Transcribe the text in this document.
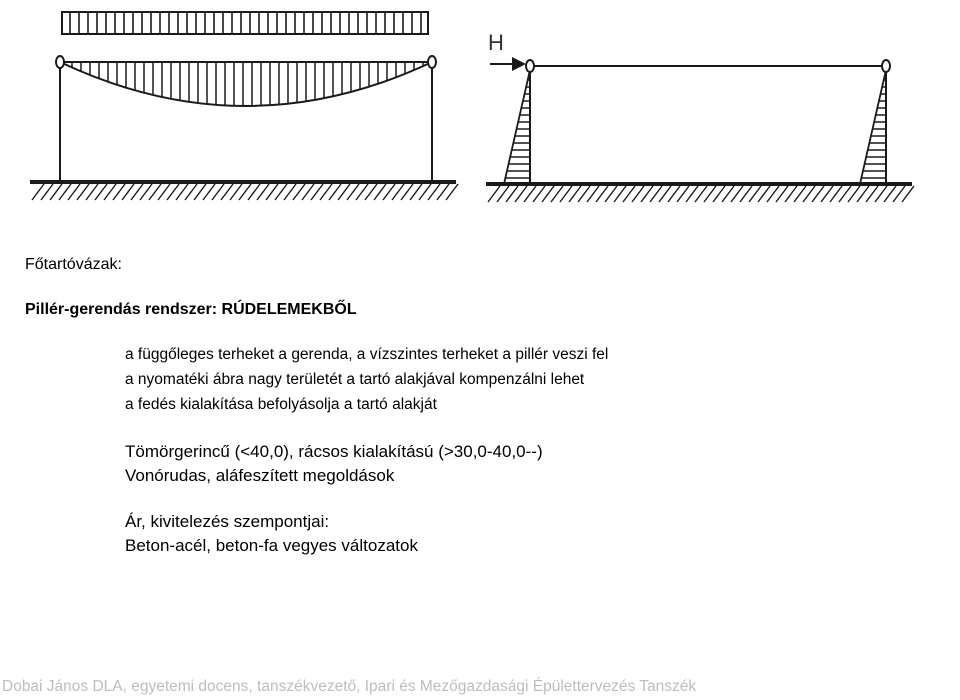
H
Főtartóvázak:
Pillér-gerendás rendszer: RÚDELEMEKBŐL
a függőleges terheket a gerenda, a vízszintes terheket a pillér veszi fel
a nyomatéki ábra nagy területét a tartó alakjával kompenzálni lehet
a fedés kialakítása befolyásolja a tartó alakját
Tömörgerincű (<40,0), rácsos kialakítású (>30,0-40,0--)
Vonórudas, aláfeszített megoldások
Ár, kivitelezés szempontjai:
Beton-acél, beton-fa vegyes változatok
Dobai János DLA, egyetemi docens, tanszékvezető, Ipari és Mezőgazdasági Épülettervezés Tanszék
